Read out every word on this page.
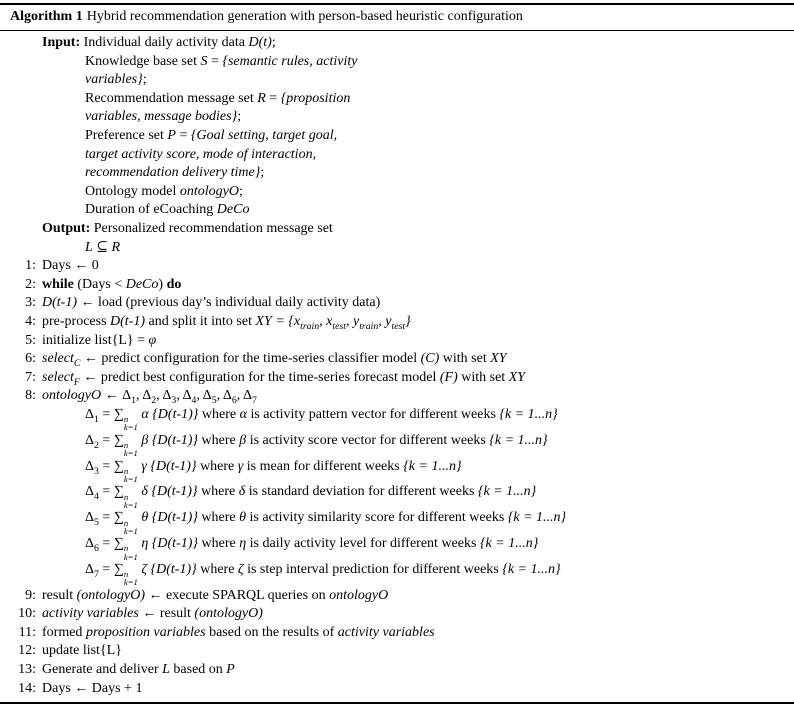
Algorithm 1 Hybrid recommendation generation with person-based heuristic configuration
Input: Individual daily activity data D(t);
Knowledge base set S = {semantic rules, activity
variables};
Recommendation message set R = {proposition
variables, message bodies};
Preference set P = {Goal setting, target goal,
target activity score, mode of interaction,
recommendation delivery time};
Ontology model ontologyO;
Duration of eCoaching DeCo
Output: Personalized recommendation message set
L ⊆ R
1: Days ← 0
2: while (Days < DeCo) do
3: D(t-1) ← load (previous day’s individual daily activity data)
4: pre-process D(t-1) and split it into set XY = {$x_{train}$, $x_{test}$, $y_{train}$, $y_{test}$}
5: initialize list{L} = φ
6: select$_C$ ← predict configuration for the time-series classifier model (C) with set XY
7: select$_F$ ← predict best configuration for the time-series forecast model (F) with set XY
8: ontologyO ← $\Delta_1$, $\Delta_2$, $\Delta_3$, $\Delta_4$, $\Delta_5$, $\Delta_6$, $\Delta_7$
$\Delta_1$ = ∑ n
k=1
α {D(t-1)} where α is activity pattern vector for different weeks {k = 1...n}
$\Delta_2$ = ∑ n
k=1
β {D(t-1)} where β is activity score vector for different weeks {k = 1...n}
$\Delta_3$ = ∑ n
k=1
γ {D(t-1)} where γ is mean for different weeks {k = 1...n}
$\Delta_4$ = ∑ n
k=1
δ {D(t-1)} where δ is standard deviation for different weeks {k = 1...n}
$\Delta_5$ = ∑ n
k=1
θ {D(t-1)} where θ is activity similarity score for different weeks {k = 1...n}
$\Delta_6$ = ∑ n
k=1
η {D(t-1)} where η is daily activity level for different weeks {k = 1...n}
$\Delta_7$ = ∑ n
k=1
ζ {D(t-1)} where ζ is step interval prediction for different weeks {k = 1...n}
9: result (ontologyO) ← execute SPARQL queries on ontologyO
10: activity variables ← result (ontologyO)
11: formed proposition variables based on the results of activity variables
12: update list{L}
13: Generate and deliver L based on P
14: Days ← Days + 1
